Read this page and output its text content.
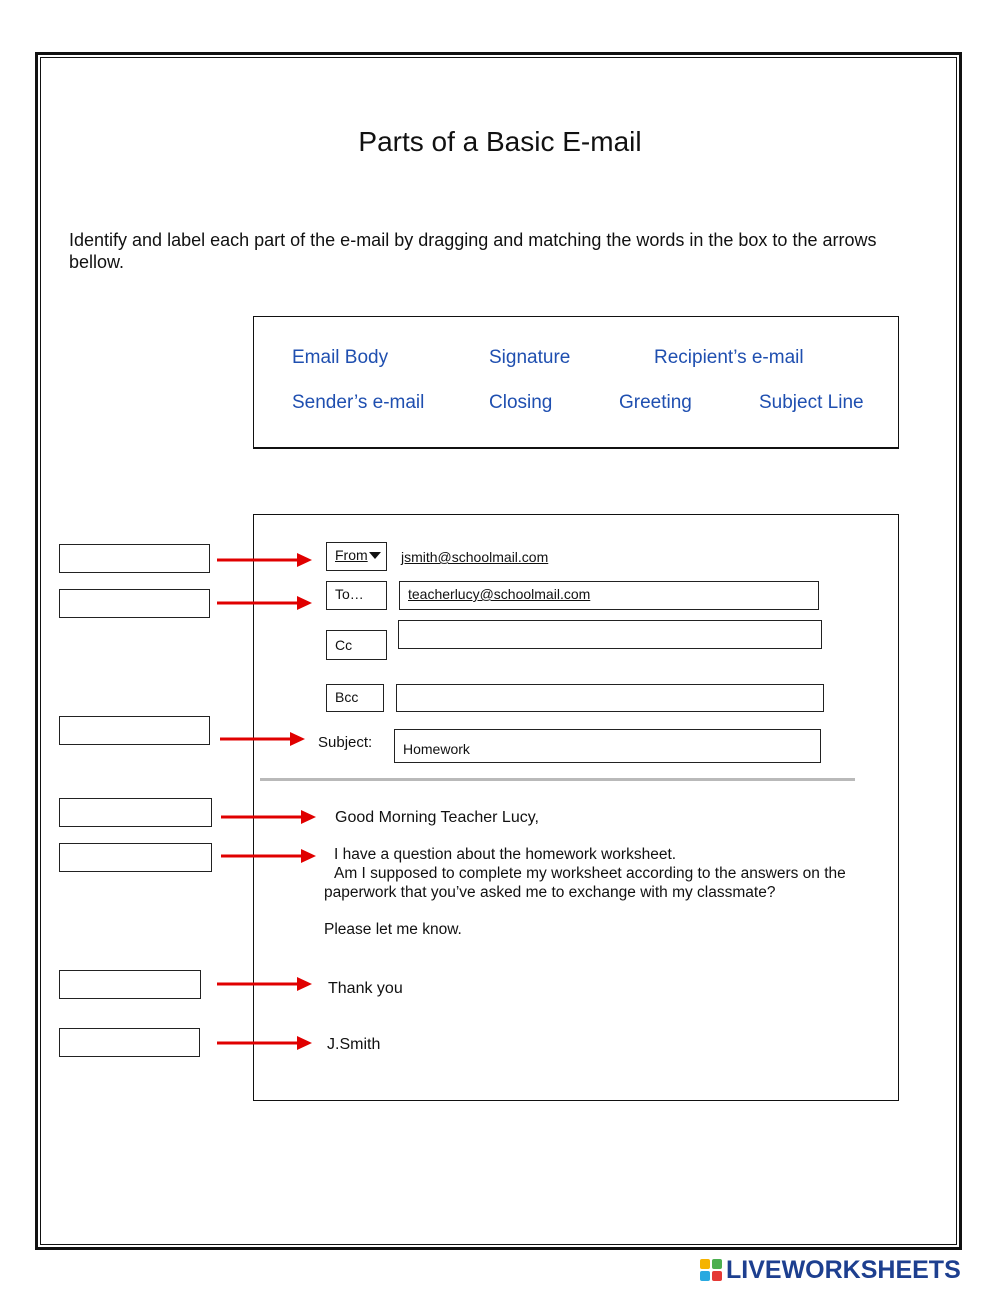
Parts of a Basic E-mail
Identify and label each part of the e-mail by dragging and matching the words in the box to the arrows bellow.
Email Body	Signature	Recipient’s e-mail
Sender’s e-mail	Closing	Greeting	Subject Line
From	jsmith@schoolmail.com
To…	teacherlucy@schoolmail.com
Cc
Bcc
Subject:	Homework
Good Morning Teacher Lucy,
I have a question about the homework worksheet.
Am I supposed to complete my worksheet according to the answers on the
paperwork that you’ve asked me to exchange with my classmate?
Please let me know.
Thank you
J.Smith
LIVEWORKSHEETS
